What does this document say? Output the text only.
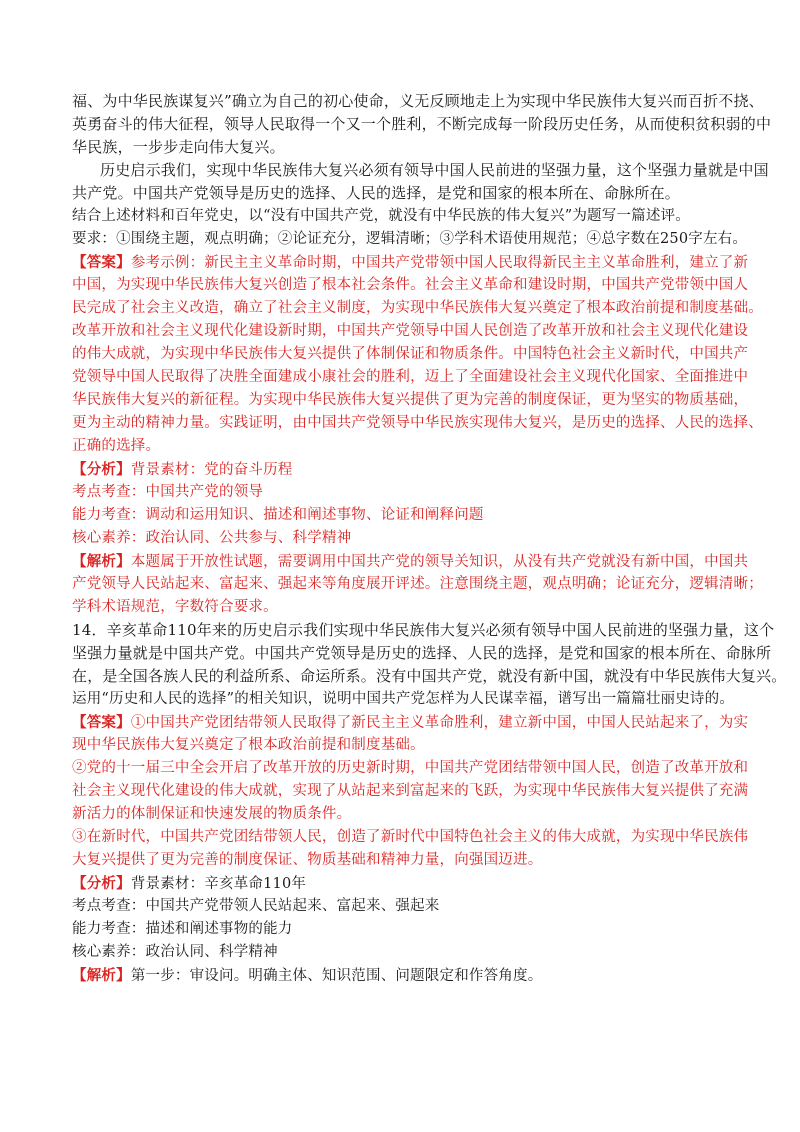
福、为中华民族谋复兴”确立为自己的初心使命，义无反顾地走上为实现中华民族伟大复兴而百折不挠、
英勇奋斗的伟大征程，领导人民取得一个又一个胜利，不断完成每一阶段历史任务，从而使积贫积弱的中
华民族，一步步走向伟大复兴。
历史启示我们，实现中华民族伟大复兴必须有领导中国人民前进的坚强力量，这个坚强力量就是中国
共产党。中国共产党领导是历史的选择、人民的选择，是党和国家的根本所在、命脉所在。
结合上述材料和百年党史，以“没有中国共产党，就没有中华民族的伟大复兴”为题写一篇述评。
要求：①围绕主题，观点明确；②论证充分，逻辑清晰；③学科术语使用规范；④总字数在250字左右。
【答案】参考示例：新民主主义革命时期，中国共产党带领中国人民取得新民主主义革命胜利，建立了新
中国，为实现中华民族伟大复兴创造了根本社会条件。社会主义革命和建设时期，中国共产党带领中国人
民完成了社会主义改造，确立了社会主义制度，为实现中华民族伟大复兴奠定了根本政治前提和制度基础。
改革开放和社会主义现代化建设新时期，中国共产党领导中国人民创造了改革开放和社会主义现代化建设
的伟大成就，为实现中华民族伟大复兴提供了体制保证和物质条件。中国特色社会主义新时代，中国共产
党领导中国人民取得了决胜全面建成小康社会的胜利，迈上了全面建设社会主义现代化国家、全面推进中
华民族伟大复兴的新征程。为实现中华民族伟大复兴提供了更为完善的制度保证，更为坚实的物质基础，
更为主动的精神力量。实践证明，由中国共产党领导中华民族实现伟大复兴，是历史的选择、人民的选择、
正确的选择。
【分析】背景素材：党的奋斗历程
考点考查：中国共产党的领导
能力考查：调动和运用知识、描述和阐述事物、论证和阐释问题
核心素养：政治认同、公共参与、科学精神
【解析】本题属于开放性试题，需要调用中国共产党的领导关知识，从没有共产党就没有新中国，中国共
产党领导人民站起来、富起来、强起来等角度展开评述。注意围绕主题，观点明确；论证充分，逻辑清晰；
学科术语规范，字数符合要求。
14．辛亥革命110年来的历史启示我们实现中华民族伟大复兴必须有领导中国人民前进的坚强力量，这个
坚强力量就是中国共产党。中国共产党领导是历史的选择、人民的选择，是党和国家的根本所在、命脉所
在，是全国各族人民的利益所系、命运所系。没有中国共产党，就没有新中国，就没有中华民族伟大复兴。
运用“历史和人民的选择”的相关知识，说明中国共产党怎样为人民谋幸福，谱写出一篇篇壮丽史诗的。
【答案】①中国共产党团结带领人民取得了新民主主义革命胜利，建立新中国，中国人民站起来了，为实
现中华民族伟大复兴奠定了根本政治前提和制度基础。
②党的十一届三中全会开启了改革开放的历史新时期，中国共产党团结带领中国人民，创造了改革开放和
社会主义现代化建设的伟大成就，实现了从站起来到富起来的飞跃，为实现中华民族伟大复兴提供了充满
新活力的体制保证和快速发展的物质条件。
③在新时代，中国共产党团结带领人民，创造了新时代中国特色社会主义的伟大成就，为实现中华民族伟
大复兴提供了更为完善的制度保证、物质基础和精神力量，向强国迈进。
【分析】背景素材：辛亥革命110年
考点考查：中国共产党带领人民站起来、富起来、强起来
能力考查：描述和阐述事物的能力
核心素养：政治认同、科学精神
【解析】第一步：审设问。明确主体、知识范围、问题限定和作答角度。
